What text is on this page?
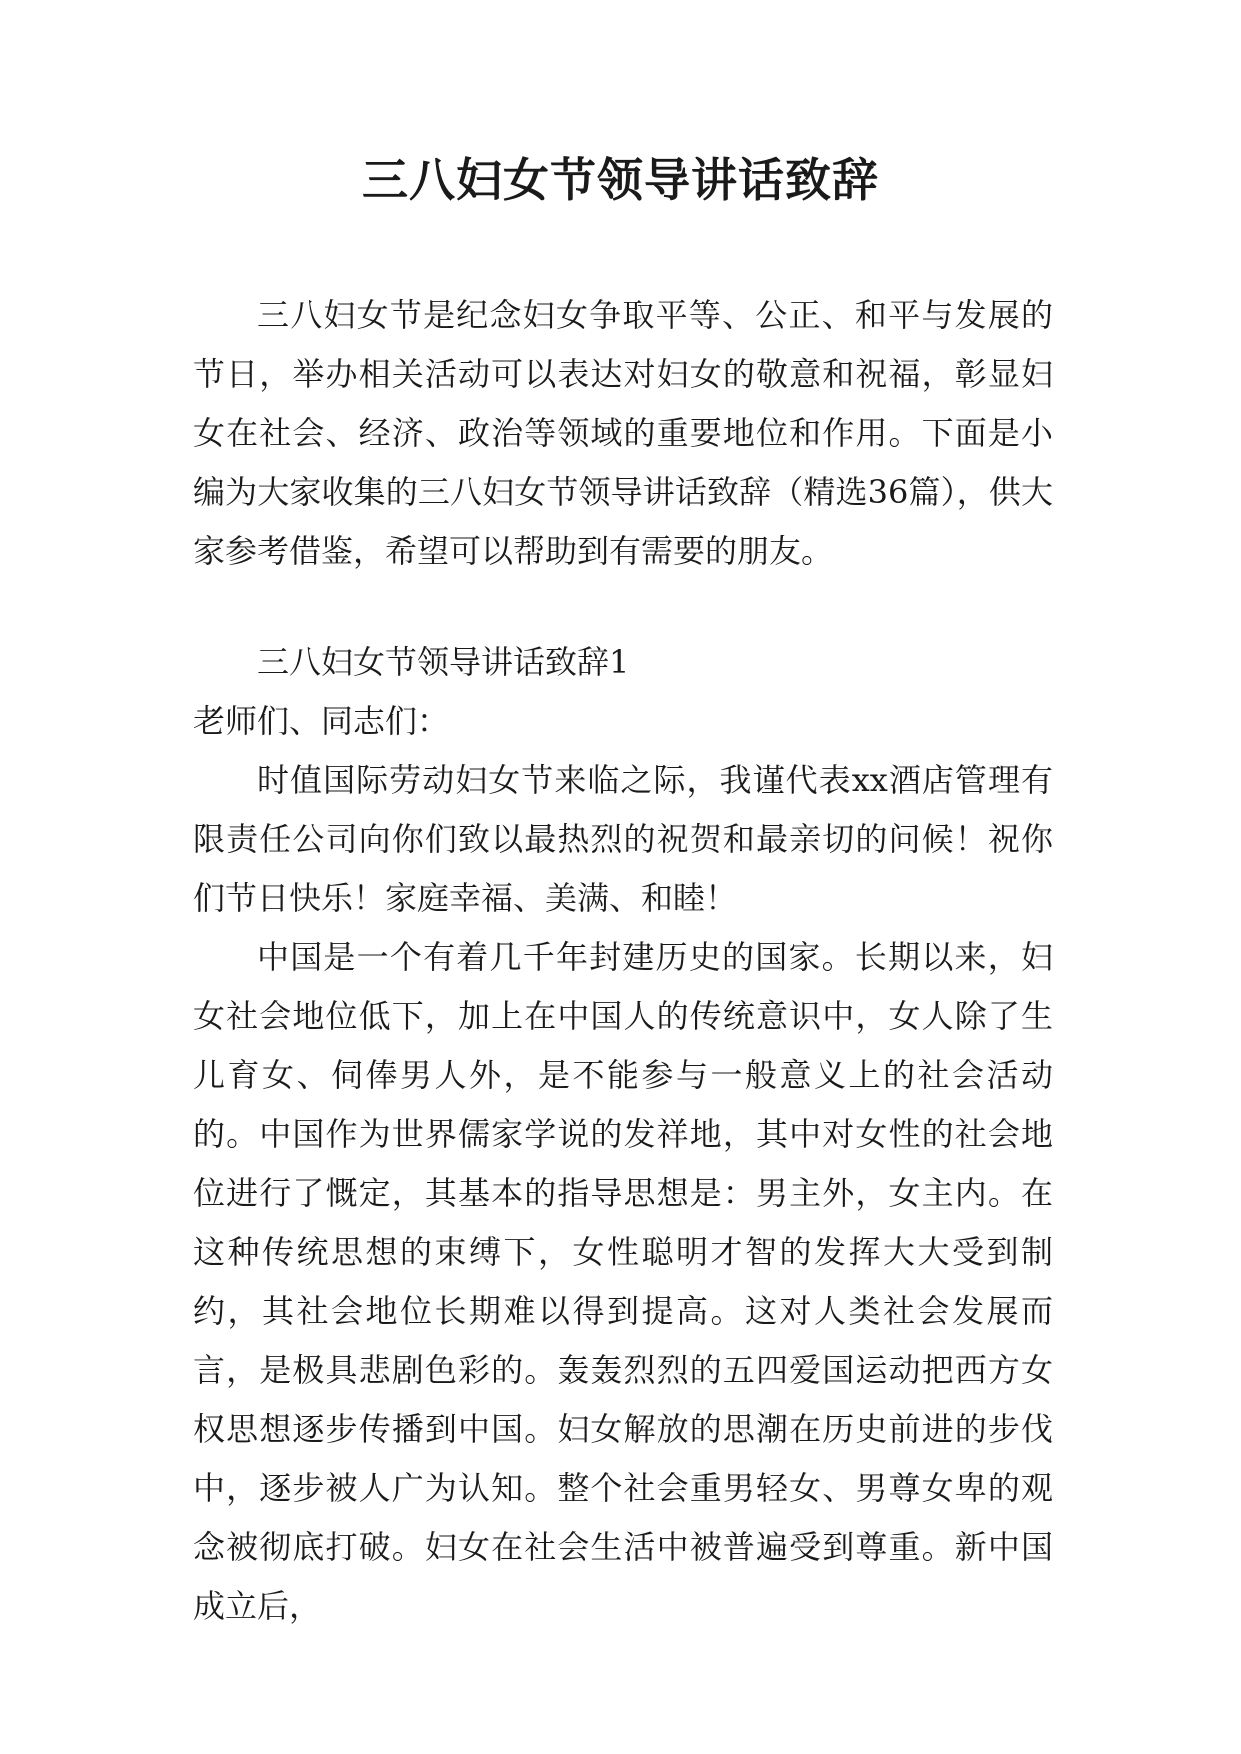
三八妇女节领导讲话致辞

三八妇女节是纪念妇女争取平等、公正、和平与发展的节日，举办相关活动可以表达对妇女的敬意和祝福，彰显妇女在社会、经济、政治等领域的重要地位和作用。下面是小编为大家收集的三八妇女节领导讲话致辞（精选36篇），供大家参考借鉴，希望可以帮助到有需要的朋友。

三八妇女节领导讲话致辞1

老师们、同志们：

时值国际劳动妇女节来临之际，我谨代表xx酒店管理有限责任公司向你们致以最热烈的祝贺和最亲切的问候！祝你们节日快乐！家庭幸福、美满、和睦！

中国是一个有着几千年封建历史的国家。长期以来，妇女社会地位低下，加上在中国人的传统意识中，女人除了生儿育女、伺俸男人外，是不能参与一般意义上的社会活动的。中国作为世界儒家学说的发祥地，其中对女性的社会地位进行了慨定，其基本的指导思想是：男主外，女主内。在这种传统思想的束缚下，女性聪明才智的发挥大大受到制约，其社会地位长期难以得到提高。这对人类社会发展而言，是极具悲剧色彩的。轰轰烈烈的五四爱国运动把西方女权思想逐步传播到中国。妇女解放的思潮在历史前进的步伐中，逐步被人广为认知。整个社会重男轻女、男尊女卑的观念被彻底打破。妇女在社会生活中被普遍受到尊重。新中国成立后，
